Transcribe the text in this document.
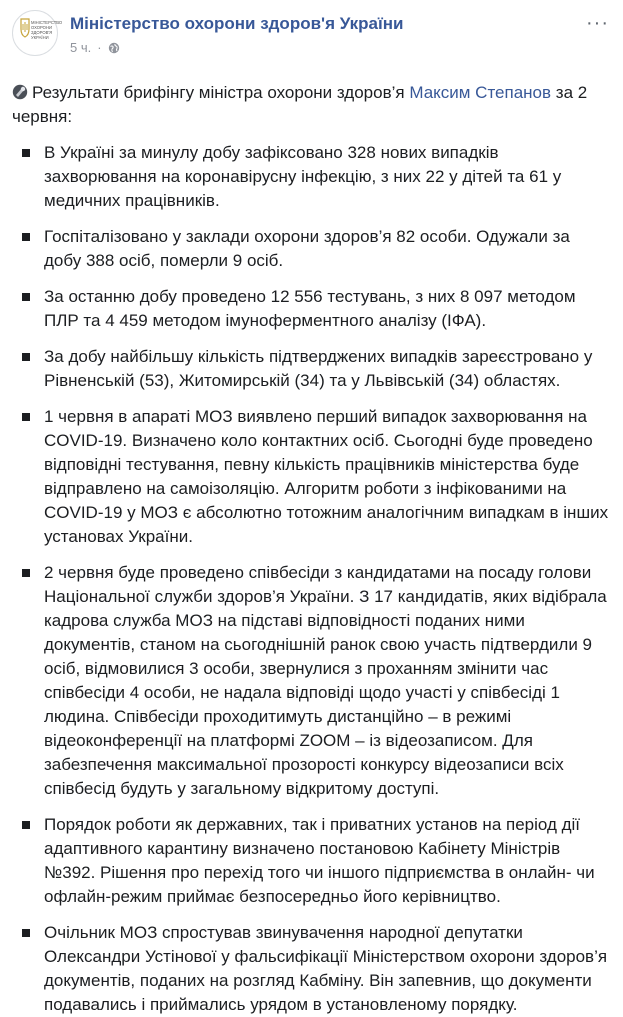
МІНІСТЕРСТВО
ОХОРОНИ
ЗДОРОВ'Я
УКРАЇНИ
Міністерство охорони здоров'я України
5 ч. ·
···

Результати брифінгу міністра охорони здоров’я Максим Степанов за 2 червня:

В Україні за минулу добу зафіксовано 328 нових випадків захворювання на коронавірусну інфекцію, з них 22 у дітей та 61 у медичних працівників.
Госпіталізовано у заклади охорони здоров’я 82 особи. Одужали за добу 388 осіб, померли 9 осіб.
За останню добу проведено 12 556 тестувань, з них 8 097 методом ПЛР та 4 459 методом імуноферментного аналізу (ІФА).
За добу найбільшу кількість підтверджених випадків зареєстровано у Рівненській (53), Житомирській (34) та у Львівській (34) областях.
1 червня в апараті МОЗ виявлено перший випадок захворювання на COVID-19. Визначено коло контактних осіб. Сьогодні буде проведено відповідні тестування, певну кількість працівників міністерства буде відправлено на самоізоляцію. Алгоритм роботи з інфікованими на COVID-19 у МОЗ є абсолютно тотожним аналогічним випадкам в інших установах України.
2 червня буде проведено співбесіди з кандидатами на посаду голови Національної служби здоров’я України. З 17 кандидатів, яких відібрала кадрова служба МОЗ на підставі відповідності поданих ними документів, станом на сьогоднішній ранок свою участь підтвердили 9 осіб, відмовилися 3 особи, звернулися з проханням змінити час співбесіди 4 особи, не надала відповіді щодо участі у співбесіді 1 людина. Співбесіди проходитимуть дистанційно – в режимі відеоконференції на платформі ZOOM – із відеозаписом. Для забезпечення максимальної прозорості конкурсу відеозаписи всіх співбесід будуть у загальному відкритому доступі.
Порядок роботи як державних, так і приватних установ на період дії адаптивного карантину визначено постановою Кабінету Міністрів №392. Рішення про перехід того чи іншого підприємства в онлайн- чи офлайн-режим приймає безпосередньо його керівництво.
Очільник МОЗ спростував звинувачення народної депутатки Олександри Устінової у фальсифікації Міністерством охорони здоров’я документів, поданих на розгляд Кабміну. Він запевнив, що документи подавались і приймались урядом в установленому порядку.
